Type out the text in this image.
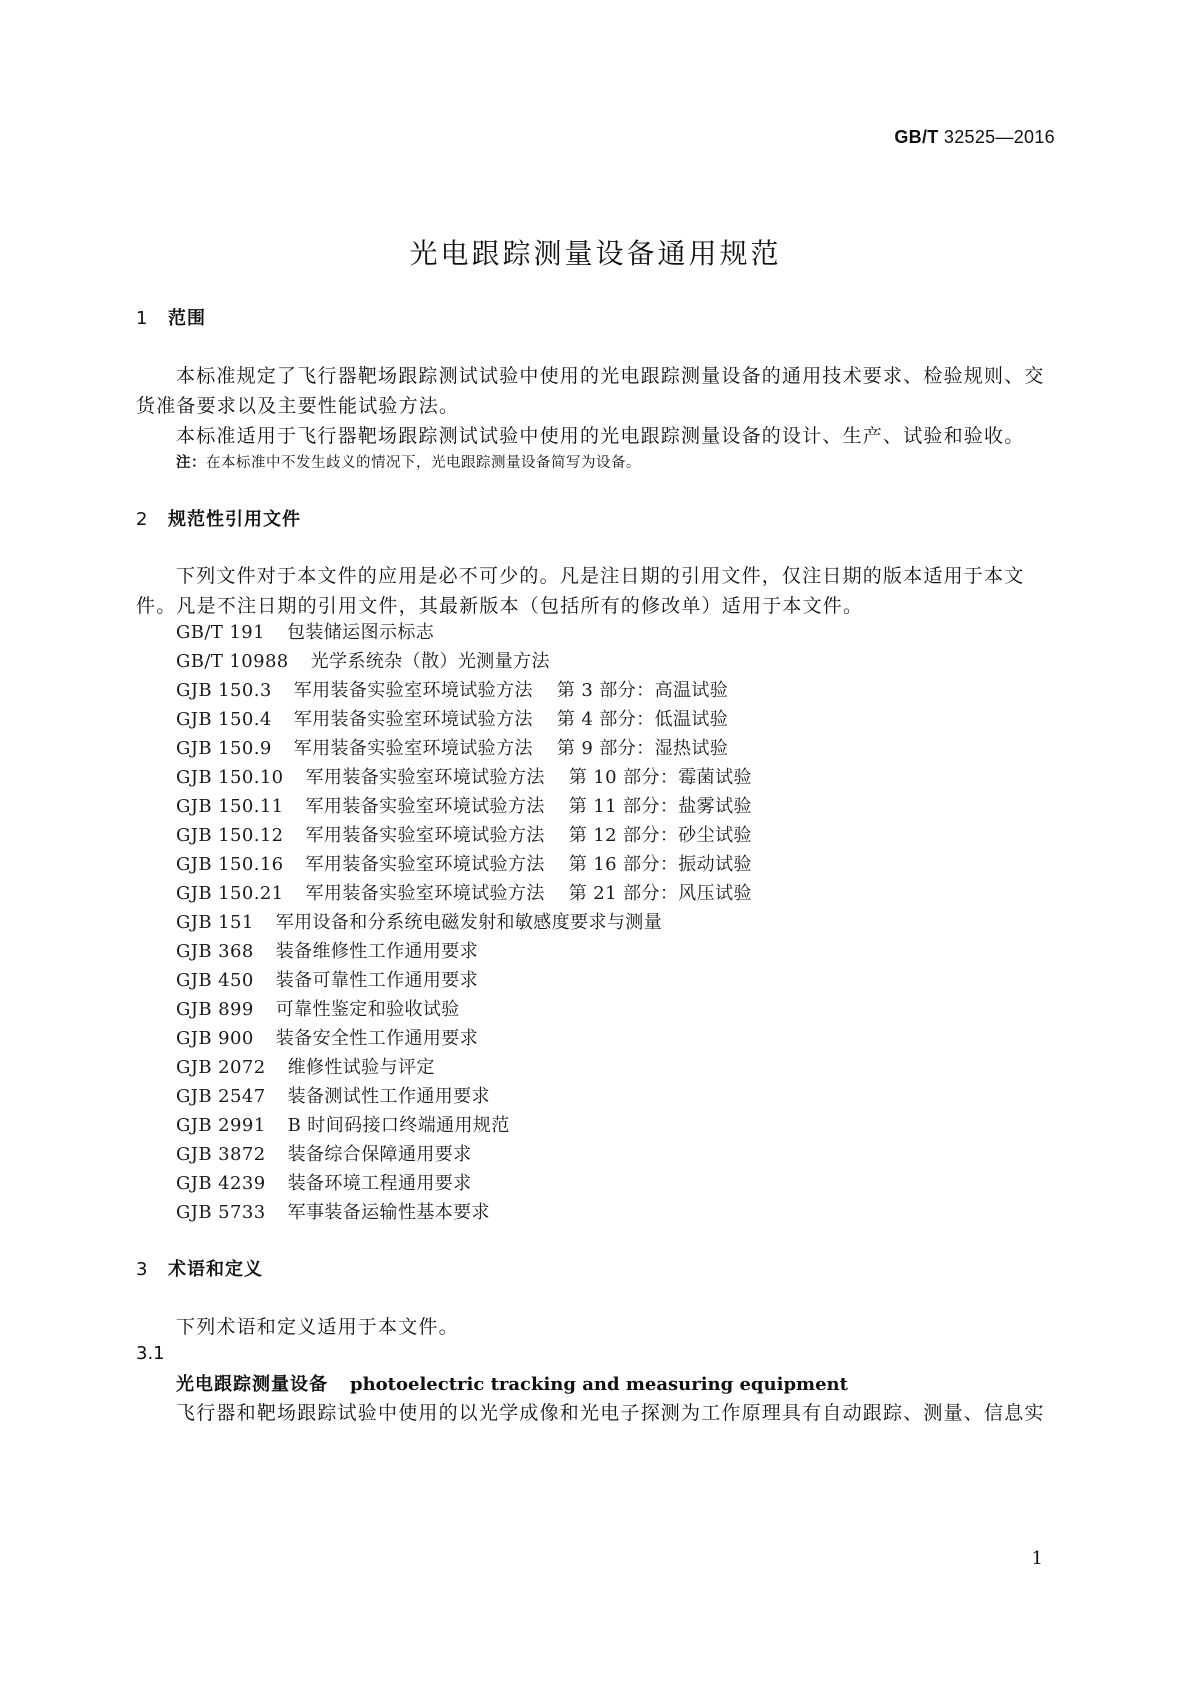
GB/T 32525—2016
光电跟踪测量设备通用规范
1 范围
本标准规定了飞行器靶场跟踪测试试验中使用的光电跟踪测量设备的通用技术要求、检验规则、交
货准备要求以及主要性能试验方法。
本标准适用于飞行器靶场跟踪测试试验中使用的光电跟踪测量设备的设计、生产、试验和验收。
注：在本标准中不发生歧义的情况下，光电跟踪测量设备简写为设备。
2 规范性引用文件
下列文件对于本文件的应用是必不可少的。凡是注日期的引用文件，仅注日期的版本适用于本文
件。凡是不注日期的引用文件，其最新版本（包括所有的修改单）适用于本文件。
GB/T 191 包装储运图示标志
GB/T 10988 光学系统杂（散）光测量方法
GJB 150.3 军用装备实验室环境试验方法 第 3 部分：高温试验
GJB 150.4 军用装备实验室环境试验方法 第 4 部分：低温试验
GJB 150.9 军用装备实验室环境试验方法 第 9 部分：湿热试验
GJB 150.10 军用装备实验室环境试验方法 第 10 部分：霉菌试验
GJB 150.11 军用装备实验室环境试验方法 第 11 部分：盐雾试验
GJB 150.12 军用装备实验室环境试验方法 第 12 部分：砂尘试验
GJB 150.16 军用装备实验室环境试验方法 第 16 部分：振动试验
GJB 150.21 军用装备实验室环境试验方法 第 21 部分：风压试验
GJB 151 军用设备和分系统电磁发射和敏感度要求与测量
GJB 368 装备维修性工作通用要求
GJB 450 装备可靠性工作通用要求
GJB 899 可靠性鉴定和验收试验
GJB 900 装备安全性工作通用要求
GJB 2072 维修性试验与评定
GJB 2547 装备测试性工作通用要求
GJB 2991 B 时间码接口终端通用规范
GJB 3872 装备综合保障通用要求
GJB 4239 装备环境工程通用要求
GJB 5733 军事装备运输性基本要求
3 术语和定义
下列术语和定义适用于本文件。
3.1
光电跟踪测量设备 photoelectric tracking and measuring equipment
飞行器和靶场跟踪试验中使用的以光学成像和光电子探测为工作原理具有自动跟踪、测量、信息实
1
